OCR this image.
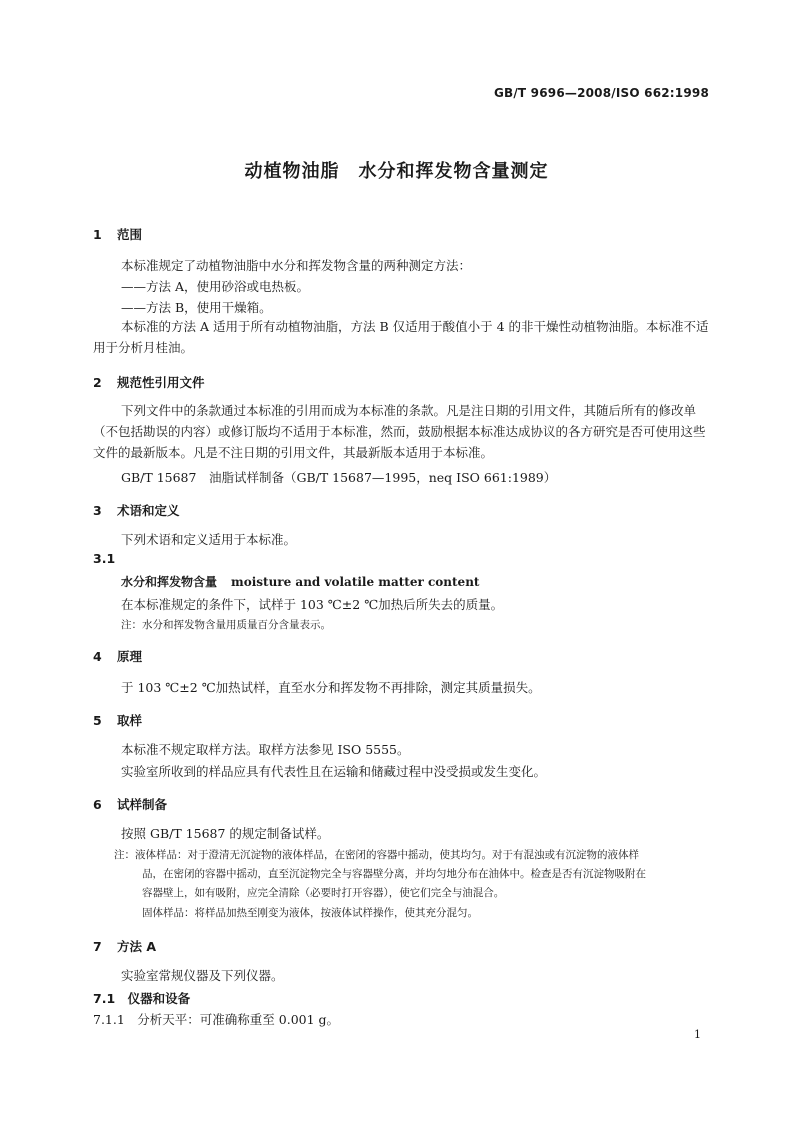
GB/T 9696—2008/ISO 662:1998
动植物油脂　水分和挥发物含量测定
1 范围
本标准规定了动植物油脂中水分和挥发物含量的两种测定方法：
——方法 A，使用砂浴或电热板。
——方法 B，使用干燥箱。
本标准的方法 A 适用于所有动植物油脂，方法 B 仅适用于酸值小于 4 的非干燥性动植物油脂。本标准不适用于分析月桂油。
2 规范性引用文件
下列文件中的条款通过本标准的引用而成为本标准的条款。凡是注日期的引用文件，其随后所有的修改单（不包括勘误的内容）或修订版均不适用于本标准，然而，鼓励根据本标准达成协议的各方研究是否可使用这些文件的最新版本。凡是不注日期的引用文件，其最新版本适用于本标准。
GB/T 15687　油脂试样制备（GB/T 15687—1995，neq ISO 661:1989）
3 术语和定义
下列术语和定义适用于本标准。
3.1
水分和挥发物含量 moisture and volatile matter content
在本标准规定的条件下，试样于 103 ℃±2 ℃加热后所失去的质量。
注：水分和挥发物含量用质量百分含量表示。
4 原理
于 103 ℃±2 ℃加热试样，直至水分和挥发物不再排除，测定其质量损失。
5 取样
本标准不规定取样方法。取样方法参见 ISO 5555。
实验室所收到的样品应具有代表性且在运输和储藏过程中没受损或发生变化。
6 试样制备
按照 GB/T 15687 的规定制备试样。
注：液体样品：对于澄清无沉淀物的液体样品，在密闭的容器中摇动，使其均匀。对于有混浊或有沉淀物的液体样
品，在密闭的容器中摇动，直至沉淀物完全与容器壁分离，并均匀地分布在油体中。检查是否有沉淀物吸附在
容器壁上，如有吸附，应完全清除（必要时打开容器），使它们完全与油混合。
固体样品：将样品加热至刚变为液体，按液体试样操作，使其充分混匀。
7 方法 A
实验室常规仪器及下列仪器。
7.1　仪器和设备
7.1.1　分析天平：可准确称重至 0.001 g。
1
